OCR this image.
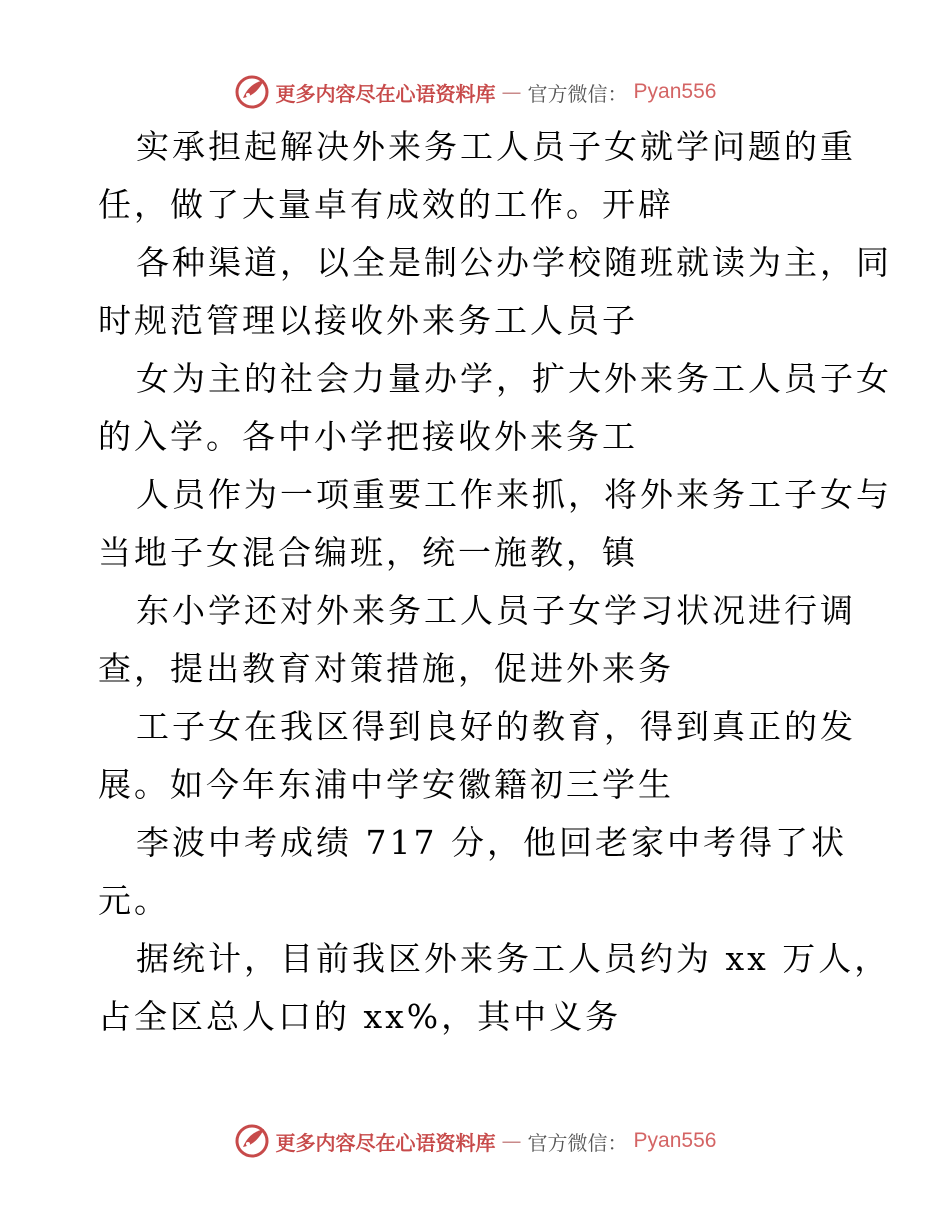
更多内容尽在心语资料库 — 官方微信： Pyan556
实承担起解决外来务工人员子女就学问题的重
任，做了大量卓有成效的工作。开辟
各种渠道，以全是制公办学校随班就读为主，同
时规范管理以接收外来务工人员子
女为主的社会力量办学，扩大外来务工人员子女
的入学。各中小学把接收外来务工
人员作为一项重要工作来抓，将外来务工子女与
当地子女混合编班，统一施教，镇
东小学还对外来务工人员子女学习状况进行调
查，提出教育对策措施，促进外来务
工子女在我区得到良好的教育，得到真正的发
展。如今年东浦中学安徽籍初三学生
李波中考成绩 717 分，他回老家中考得了状
元。
据统计，目前我区外来务工人员约为 xx 万人，
占全区总人口的 xx%，其中义务
更多内容尽在心语资料库 — 官方微信： Pyan556
